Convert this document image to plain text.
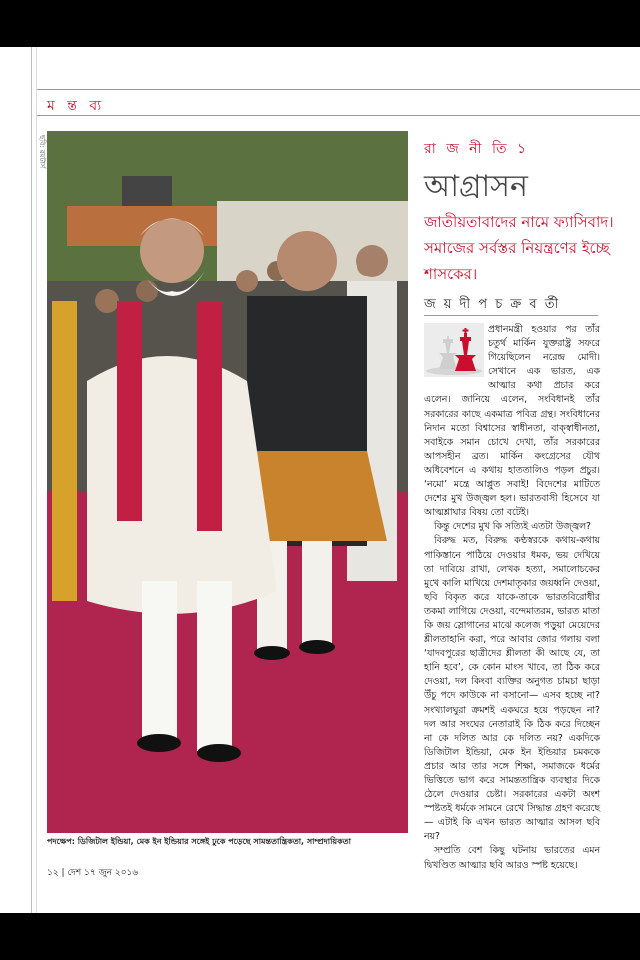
ম ন্ত ব্য
ছবি: রয়টার্স
পদক্ষেপ: ডিজিটাল ইন্ডিয়া, মেক ইন ইন্ডিয়ার সঙ্গেই ঢুকে পড়েছে সামন্ততান্ত্রিকতা, সাম্প্রদায়িকতা
রা জ নী তি ১
আগ্রাসন
জাতীয়তাবাদের নামে ফ্যাসিবাদ। সমাজের সর্বস্তর নিয়ন্ত্রণের ইচ্ছে শাসকের।
জ য় দী প চ ক্র ব র্তী

প্রধানমন্ত্রী হওয়ার পর তাঁর চতুর্থ মার্কিন যুক্তরাষ্ট্র সফরে গিয়েছিলেন নরেন্দ্র মোদী। সেখানে এক ভারত, এক আত্মার কথা প্রচার করে এলেন। জানিয়ে এলেন, সংবিধানই তাঁর সরকারের কাছে একমাত্র পবিত্র গ্রন্থ। সংবিধানের নিদান মতো বিশ্বাসের স্বাধীনতা, বাক্‌স্বাধীনতা, সবাইকে সমান চোখে দেখা, তাঁর সরকারের আপসহীন ব্রত। মার্কিন কংগ্রেসের যৌথ অধিবেশনে এ কথায় হাততালিও পড়ল প্রচুর। ‘নমো’ মন্ত্রে আপ্লুত সবাই! বিদেশের মাটিতে দেশের মুখ উজ্জ্বল হল। ভারতবাসী হিসেবে যা আত্মশ্লাঘার বিষয় তো বটেই।

কিন্তু দেশের মুখ কি সত্যিই এতটা উজ্জ্বল?

বিরুদ্ধ মত, বিরুদ্ধ কণ্ঠস্বরকে কথায়-কথায় পাকিস্তানে পাঠিয়ে দেওয়ার ধমক, ভয় দেখিয়ে তা দাবিয়ে রাখা, লেখক হত্যা, সমালোচকের মুখে কালি মাখিয়ে দেশমাতৃকার জয়ধ্বনি দেওয়া, ছবি বিকৃত করে যাকে-তাকে ভারতবিরোধীর তকমা লাগিয়ে দেওয়া, বন্দেমাতরম, ভারত মাতা কি জয় স্লোগানের মাঝে কলেজ পড়ুয়া মেয়েদের শ্লীলতাহানি করা, পরে আবার জোর গলায় বলা ‘যাদবপুরের ছাত্রীদের শ্লীলতা কী আছে যে, তা হানি হবে’, কে কোন মাংস খাবে, তা ঠিক করে দেওয়া, দল কিংবা ব্যক্তির অনুগত চামচা ছাড়া উঁচু পদে কাউকে না বসানো— এসব হচ্ছে না? সংখ্যালঘুরা ক্রমশই একঘরে হয়ে পড়ছেন না? দল আর সংঘের নেতারাই কি ঠিক করে দিচ্ছেন না কে দলিত আর কে দলিত নয়? একদিকে ডিজিটাল ইন্ডিয়া, মেক ইন ইন্ডিয়ার চমককে প্রচার আর তার সঙ্গে শিক্ষা, সমাজকে ধর্মের ভিত্তিতে ভাগ করে সামন্ততান্ত্রিক ব্যবস্থার দিকে ঠেলে দেওয়ার চেষ্টা। সরকারের একটা অংশ স্পষ্টতই ধর্মকে সামনে রেখে সিদ্ধান্ত গ্রহণ করেছে— এটাই কি এখন ভারত আত্মার আসল ছবি নয়?

সম্প্রতি বেশ কিছু ঘটনায় ভারতের এমন দ্বিখণ্ডিত আত্মার ছবি আরও স্পষ্ট হয়েছে।

১২ | দেশ ১৭ জুন ২০১৬
